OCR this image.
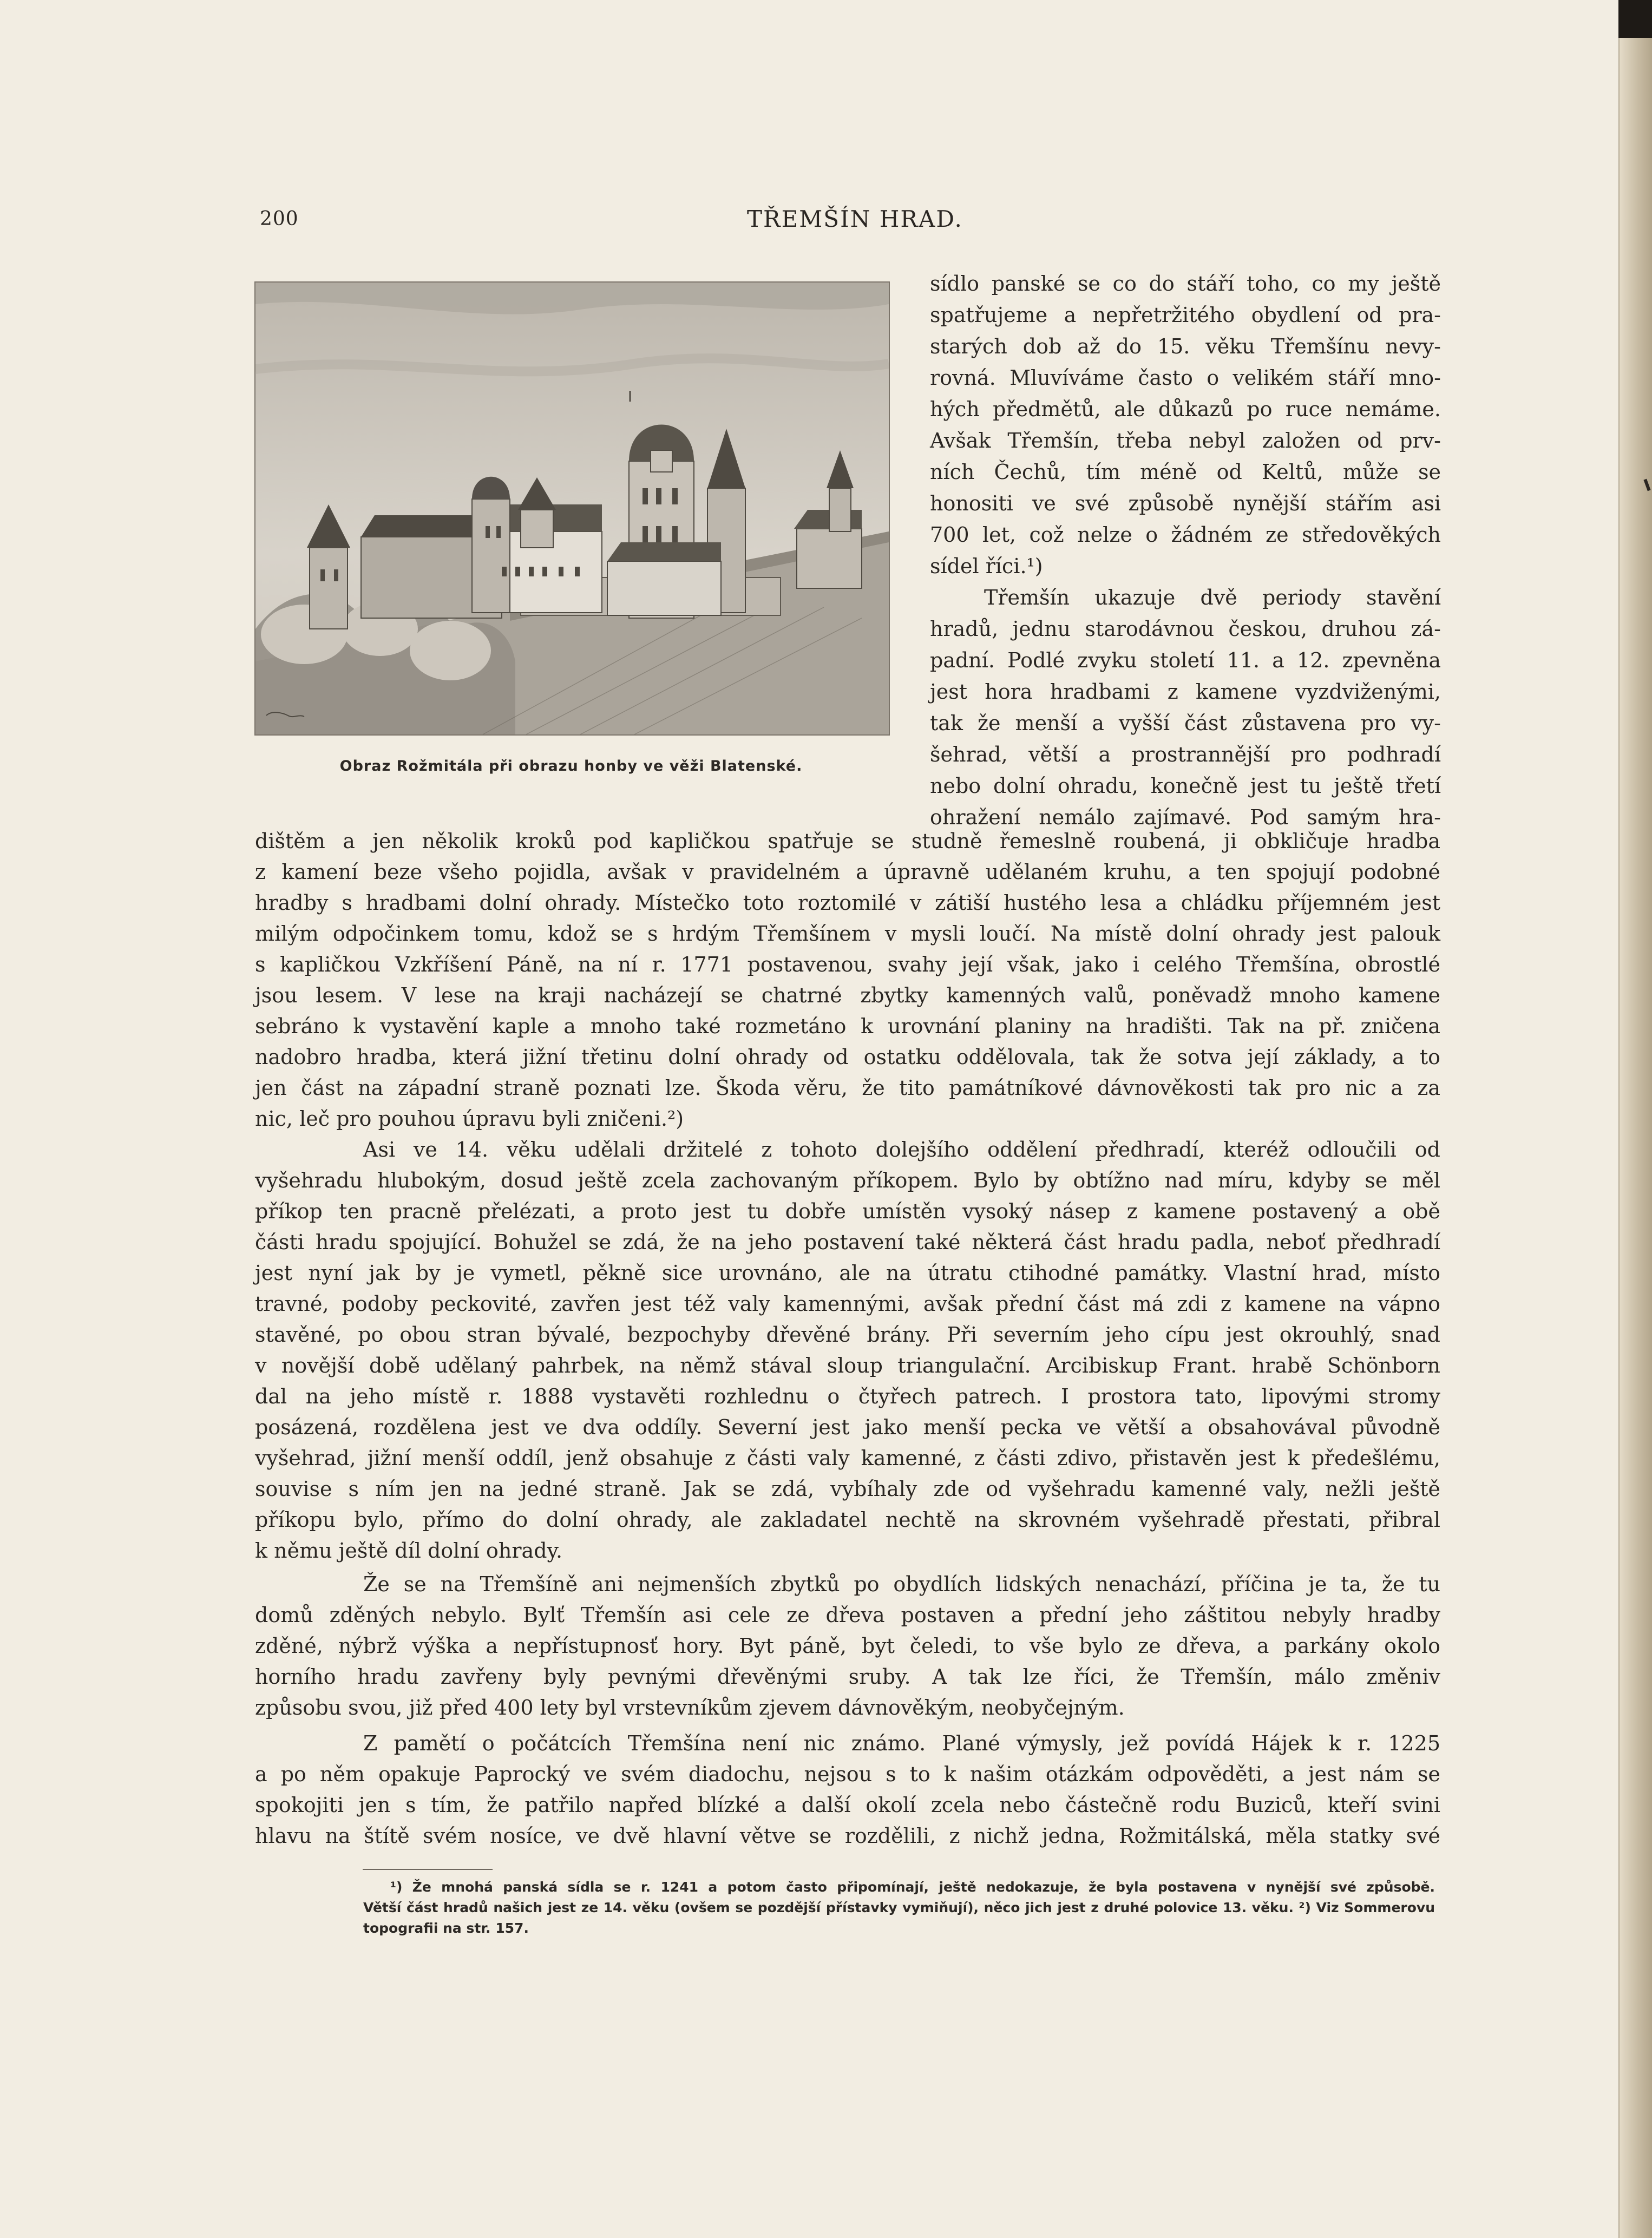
200	TŘEMŠÍN HRAD.
Obraz Rožmitála při obrazu honby ve věži Blatenské.
sídlo panské se co do stáří toho, co my ještě
spatřujeme a nepřetržitého obydlení od pra-
starých dob až do 15. věku Třemšínu nevy-
rovná. Mluvíváme často o velikém stáří mno-
hých předmětů, ale důkazů po ruce nemáme.
Avšak Třemšín, třeba nebyl založen od prv-
ních Čechů, tím méně od Keltů, může se
honositi ve své způsobě nynější stářím asi
700 let, což nelze o žádném ze středověkých
sídel říci.¹)
Třemšín ukazuje dvě periody stavění
hradů, jednu starodávnou českou, druhou zá-
padní. Podlé zvyku století 11. a 12. zpevněna
jest hora hradbami z kamene vyzdviženými,
tak že menší a vyšší část zůstavena pro vy-
šehrad, větší a prostrannější pro podhradí
nebo dolní ohradu, konečně jest tu ještě třetí
ohražení nemálo zajímavé. Pod samým hra-
dištěm a jen několik kroků pod kapličkou spatřuje se studně řemeslně roubená, ji obkličuje hradba
z kamení beze všeho pojidla, avšak v pravidelném a úpravně udělaném kruhu, a ten spojují podobné
hradby s hradbami dolní ohrady. Místečko toto roztomilé v zátiší hustého lesa a chládku příjemném jest
milým odpočinkem tomu, kdož se s hrdým Třemšínem v mysli loučí. Na místě dolní ohrady jest palouk
s kapličkou Vzkříšení Páně, na ní r. 1771 postavenou, svahy její však, jako i celého Třemšína, obrostlé
jsou lesem. V lese na kraji nacházejí se chatrné zbytky kamenných valů, poněvadž mnoho kamene
sebráno k vystavění kaple a mnoho také rozmetáno k urovnání planiny na hradišti. Tak na př. zničena
nadobro hradba, která jižní třetinu dolní ohrady od ostatku oddělovala, tak že sotva její základy, a to
jen část na západní straně poznati lze. Škoda věru, že tito památníkové dávnověkosti tak pro nic a za
nic, leč pro pouhou úpravu byli zničeni.²)
Asi ve 14. věku udělali držitelé z tohoto dolejšího oddělení předhradí, kteréž odloučili od
vyšehradu hlubokým, dosud ještě zcela zachovaným příkopem. Bylo by obtížno nad míru, kdyby se měl
příkop ten pracně přelézati, a proto jest tu dobře umístěn vysoký násep z kamene postavený a obě
části hradu spojující. Bohužel se zdá, že na jeho postavení také některá část hradu padla, neboť předhradí
jest nyní jak by je vymetl, pěkně sice urovnáno, ale na útratu ctihodné památky. Vlastní hrad, místo
travné, podoby peckovité, zavřen jest též valy kamennými, avšak přední část má zdi z kamene na vápno
stavěné, po obou stran bývalé, bezpochyby dřevěné brány. Při severním jeho cípu jest okrouhlý, snad
v novější době udělaný pahrbek, na němž stával sloup triangulační. Arcibiskup Frant. hrabě Schönborn
dal na jeho místě r. 1888 vystavěti rozhlednu o čtyřech patrech. I prostora tato, lipovými stromy
posázená, rozdělena jest ve dva oddíly. Severní jest jako menší pecka ve větší a obsahovával původně
vyšehrad, jižní menší oddíl, jenž obsahuje z části valy kamenné, z části zdivo, přistavěn jest k předešlému,
souvise s ním jen na jedné straně. Jak se zdá, vybíhaly zde od vyšehradu kamenné valy, nežli ještě
příkopu bylo, přímo do dolní ohrady, ale zakladatel nechtě na skrovném vyšehradě přestati, přibral
k němu ještě díl dolní ohrady.
Že se na Třemšíně ani nejmenších zbytků po obydlích lidských nenachází, příčina je ta, že tu
domů zděných nebylo. Bylť Třemšín asi cele ze dřeva postaven a přední jeho záštitou nebyly hradby
zděné, nýbrž výška a nepřístupnosť hory. Byt páně, byt čeledi, to vše bylo ze dřeva, a parkány okolo
horního hradu zavřeny byly pevnými dřevěnými sruby. A tak lze říci, že Třemšín, málo změniv
způsobu svou, již před 400 lety byl vrstevníkům zjevem dávnověkým, neobyčejným.
Z pamětí o počátcích Třemšína není nic známo. Plané výmysly, jež povídá Hájek k r. 1225
a po něm opakuje Paprocký ve svém diadochu, nejsou s to k našim otázkám odpověděti, a jest nám se
spokojiti jen s tím, že patřilo napřed blízké a další okolí zcela nebo částečně rodu Buziců, kteří svini
hlavu na štítě svém nosíce, ve dvě hlavní větve se rozdělili, z nichž jedna, Rožmitálská, měla statky své
¹) Že mnohá panská sídla se r. 1241 a potom často připomínají, ještě nedokazuje, že byla postavena v nynější své způsobě.
Větší část hradů našich jest ze 14. věku (ovšem se pozdější přístavky vymiňují), něco jich jest z druhé polovice 13. věku. ²) Viz Sommerovu
topografii na str. 157.
